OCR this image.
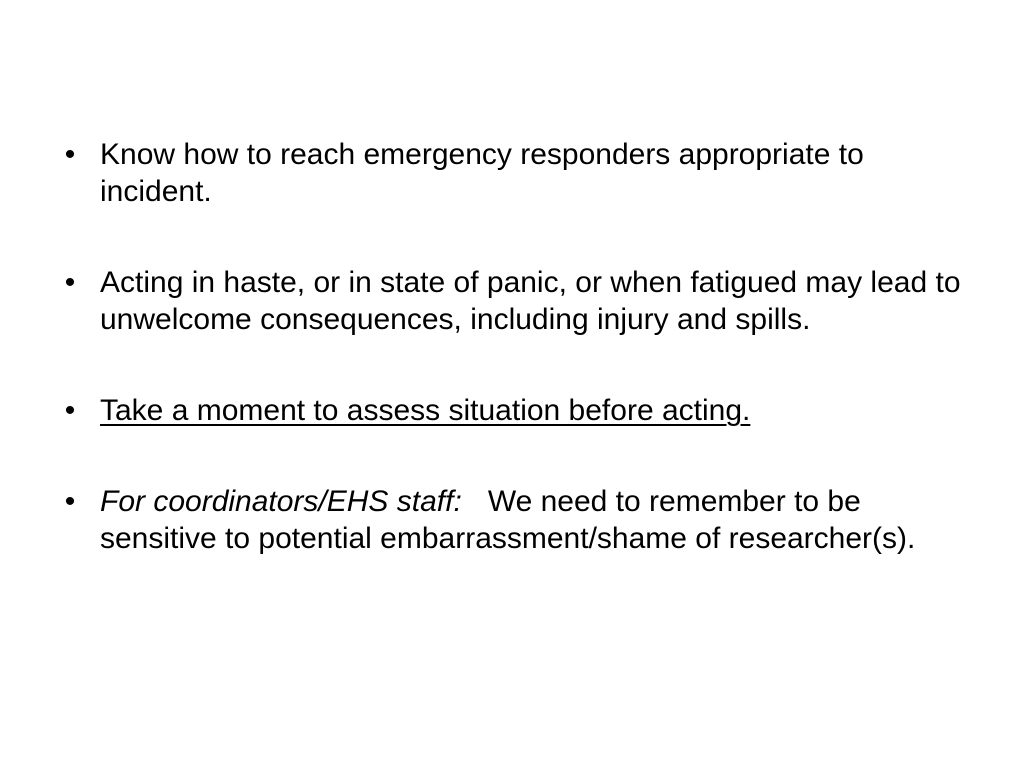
• Know how to reach emergency responders appropriate to incident.
• Acting in haste, or in state of panic, or when fatigued may lead to unwelcome consequences, including injury and spills.
• Take a moment to assess situation before acting.
• For coordinators/EHS staff: We need to remember to be sensitive to potential embarrassment/shame of researcher(s).
